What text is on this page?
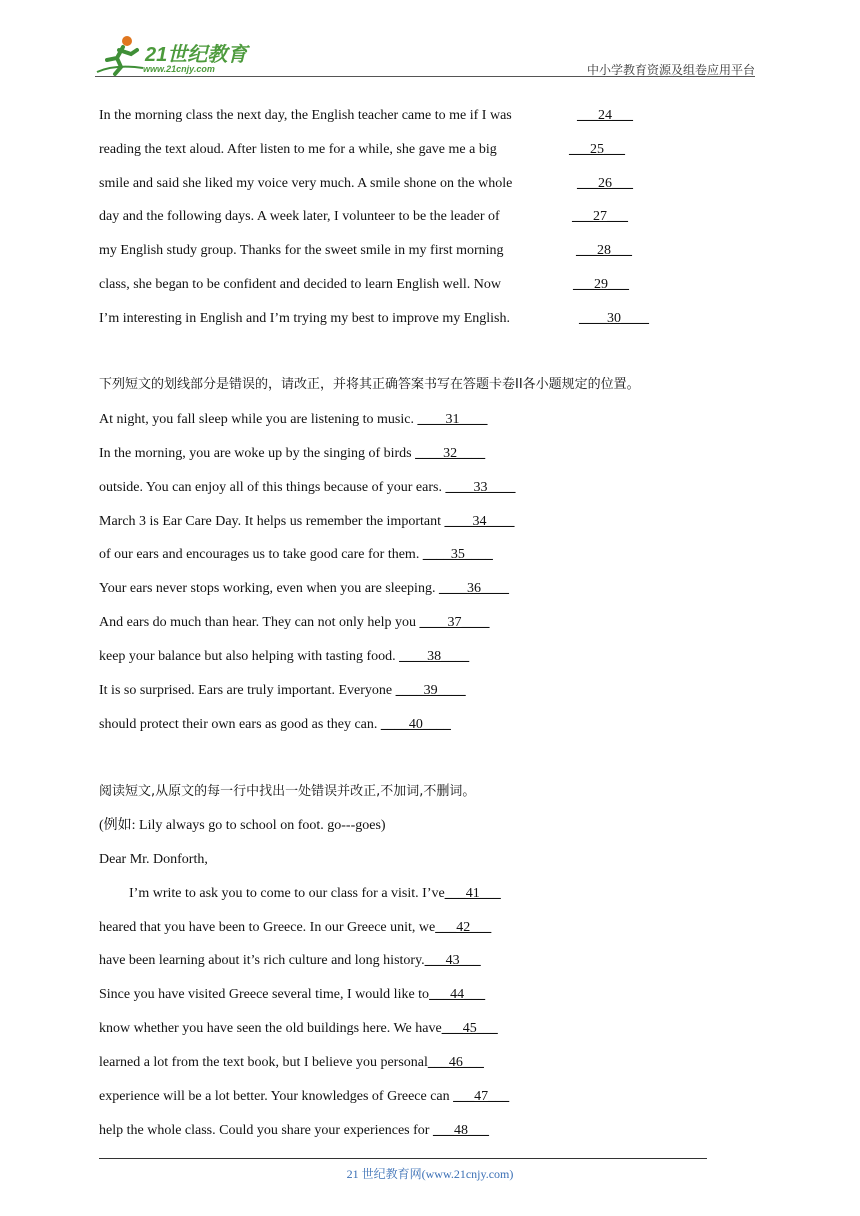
21世纪教育
www.21cnjy.com	中小学教育资源及组卷应用平台
In the morning class the next day, the English teacher came to me if I was	___24___
reading the text aloud. After listen to me for a while, she gave me a big	___25___
smile and said she liked my voice very much. A smile shone on the whole	___26___
day and the following days. A week later, I volunteer to be the leader of	___27___
my English study group. Thanks for the sweet smile in my first morning	___28___
class, she began to be confident and decided to learn English well. Now	___29___
I’m interesting in English and I’m trying my best to improve my English.	____30____
下列短文的划线部分是错误的，请改正，并将其正确答案书写在答题卡卷II各小题规定的位置。
At night, you fall sleep while you are listening to music. ____31____
In the morning, you are woke up by the singing of birds ____32____
outside. You can enjoy all of this things because of your ears. ____33____
March 3 is Ear Care Day. It helps us remember the important ____34____
of our ears and encourages us to take good care for them. ____35____
Your ears never stops working, even when you are sleeping. ____36____
And ears do much than hear. They can not only help you ____37____
keep your balance but also helping with tasting food. ____38____
It is so surprised. Ears are truly important. Everyone ____39____
should protect their own ears as good as they can. ____40____
阅读短文,从原文的每一行中找出一处错误并改正,不加词,不删词。
(例如: Lily always go to school on foot. go---goes)
Dear Mr. Donforth,
I’m write to ask you to come to our class for a visit. I’ve___41___
heared that you have been to Greece. In our Greece unit, we___42___
have been learning about it’s rich culture and long history.___43___
Since you have visited Greece several time, I would like to___44___
know whether you have seen the old buildings here. We have___45___
learned a lot from the text book, but I believe you personal___46___
experience will be a lot better. Your knowledges of Greece can ___47___
help the whole class. Could you share your experiences for ___48___
21 世纪教育网(www.21cnjy.com)
